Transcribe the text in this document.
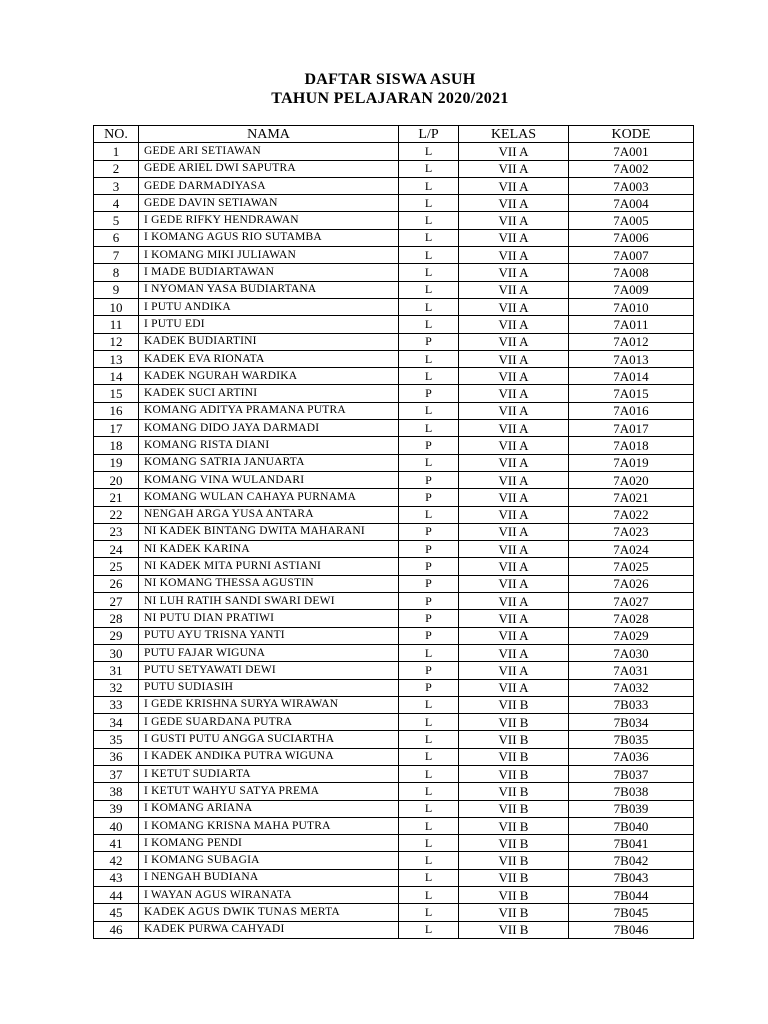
DAFTAR SISWA ASUH
TAHUN PELAJARAN 2020/2021
NO.	NAMA	L/P	KELAS	KODE
1	GEDE ARI SETIAWAN	L	VII A	7A001
2	GEDE ARIEL DWI SAPUTRA	L	VII A	7A002
3	GEDE DARMADIYASA	L	VII A	7A003
4	GEDE DAVIN SETIAWAN	L	VII A	7A004
5	I GEDE RIFKY HENDRAWAN	L	VII A	7A005
6	I KOMANG AGUS RIO SUTAMBA	L	VII A	7A006
7	I KOMANG MIKI JULIAWAN	L	VII A	7A007
8	I MADE BUDIARTAWAN	L	VII A	7A008
9	I NYOMAN YASA BUDIARTANA	L	VII A	7A009
10	I PUTU ANDIKA	L	VII A	7A010
11	I PUTU EDI	L	VII A	7A011
12	KADEK BUDIARTINI	P	VII A	7A012
13	KADEK EVA RIONATA	L	VII A	7A013
14	KADEK NGURAH WARDIKA	L	VII A	7A014
15	KADEK SUCI ARTINI	P	VII A	7A015
16	KOMANG ADITYA PRAMANA PUTRA	L	VII A	7A016
17	KOMANG DIDO JAYA DARMADI	L	VII A	7A017
18	KOMANG RISTA DIANI	P	VII A	7A018
19	KOMANG SATRIA JANUARTA	L	VII A	7A019
20	KOMANG VINA WULANDARI	P	VII A	7A020
21	KOMANG WULAN CAHAYA PURNAMA	P	VII A	7A021
22	NENGAH ARGA YUSA ANTARA	L	VII A	7A022
23	NI KADEK BINTANG DWITA MAHARANI	P	VII A	7A023
24	NI KADEK KARINA	P	VII A	7A024
25	NI KADEK MITA PURNI ASTIANI	P	VII A	7A025
26	NI KOMANG THESSA AGUSTIN	P	VII A	7A026
27	NI LUH RATIH SANDI SWARI DEWI	P	VII A	7A027
28	NI PUTU DIAN PRATIWI	P	VII A	7A028
29	PUTU AYU TRISNA YANTI	P	VII A	7A029
30	PUTU FAJAR WIGUNA	L	VII A	7A030
31	PUTU SETYAWATI DEWI	P	VII A	7A031
32	PUTU SUDIASIH	P	VII A	7A032
33	I GEDE KRISHNA SURYA WIRAWAN	L	VII B	7B033
34	I GEDE SUARDANA PUTRA	L	VII B	7B034
35	I GUSTI PUTU ANGGA SUCIARTHA	L	VII B	7B035
36	I KADEK ANDIKA PUTRA WIGUNA	L	VII B	7A036
37	I KETUT SUDIARTA	L	VII B	7B037
38	I KETUT WAHYU SATYA PREMA	L	VII B	7B038
39	I KOMANG ARIANA	L	VII B	7B039
40	I KOMANG KRISNA MAHA PUTRA	L	VII B	7B040
41	I KOMANG PENDI	L	VII B	7B041
42	I KOMANG SUBAGIA	L	VII B	7B042
43	I NENGAH BUDIANA	L	VII B	7B043
44	I WAYAN AGUS WIRANATA	L	VII B	7B044
45	KADEK AGUS DWIK TUNAS MERTA	L	VII B	7B045
46	KADEK PURWA CAHYADI	L	VII B	7B046
